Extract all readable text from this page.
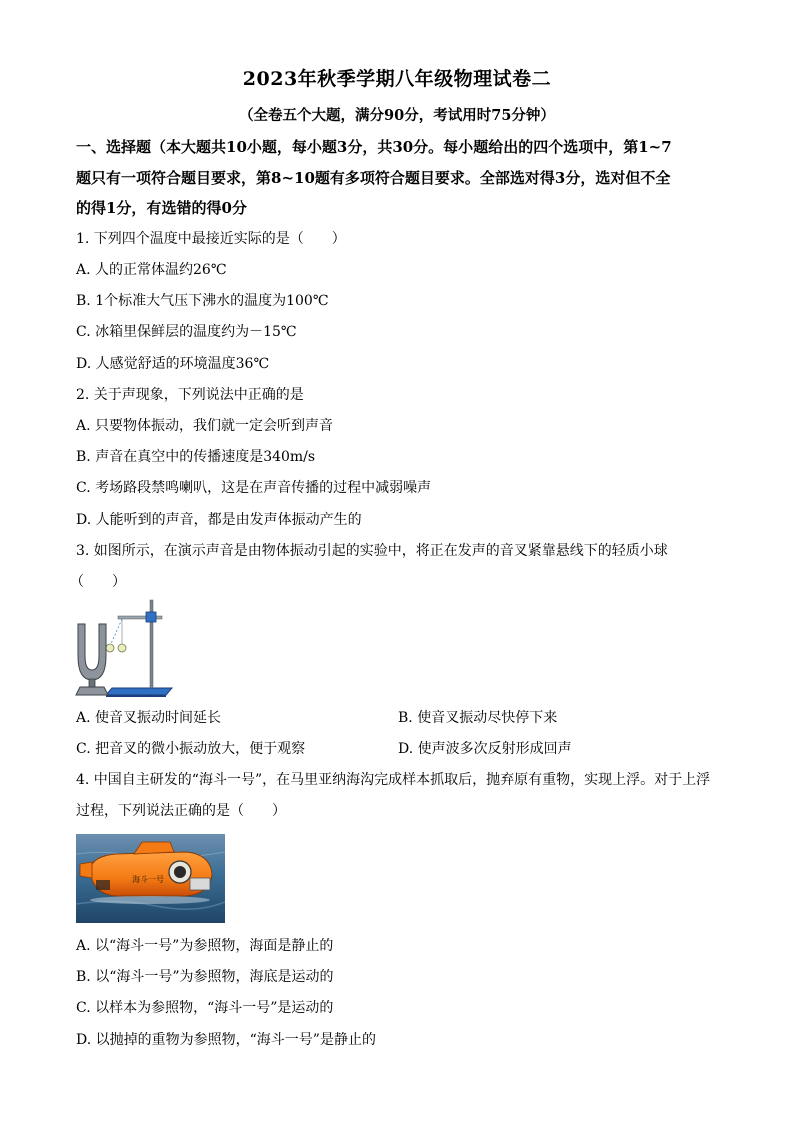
2023年秋季学期八年级物理试卷二
（全卷五个大题，满分90分，考试用时75分钟）
一、选择题（本大题共10小题，每小题3分，共30分。每小题给出的四个选项中，第1~7
题只有一项符合题目要求，第8~10题有多项符合题目要求。全部选对得3分，选对但不全
的得1分，有选错的得0分
1. 下列四个温度中最接近实际的是（　　）
A. 人的正常体温约26℃
B. 1个标准大气压下沸水的温度为100℃
C. 冰箱里保鲜层的温度约为－15℃
D. 人感觉舒适的环境温度36℃
2. 关于声现象，下列说法中正确的是
A. 只要物体振动，我们就一定会听到声音
B. 声音在真空中的传播速度是340m/s
C. 考场路段禁鸣喇叭，这是在声音传播的过程中减弱噪声
D. 人能听到的声音，都是由发声体振动产生的
3. 如图所示，在演示声音是由物体振动引起的实验中，将正在发声的音叉紧靠悬线下的轻质小球
（　　）
A. 使音叉振动时间延长	B. 使音叉振动尽快停下来
C. 把音叉的微小振动放大，便于观察	D. 使声波多次反射形成回声
4. 中国自主研发的“海斗一号”，在马里亚纳海沟完成样本抓取后，抛弃原有重物，实现上浮。对于上浮
过程，下列说法正确的是（　　）
海斗一号
A. 以“海斗一号”为参照物，海面是静止的
B. 以“海斗一号”为参照物，海底是运动的
C. 以样本为参照物，“海斗一号”是运动的
D. 以抛掉的重物为参照物，“海斗一号”是静止的
